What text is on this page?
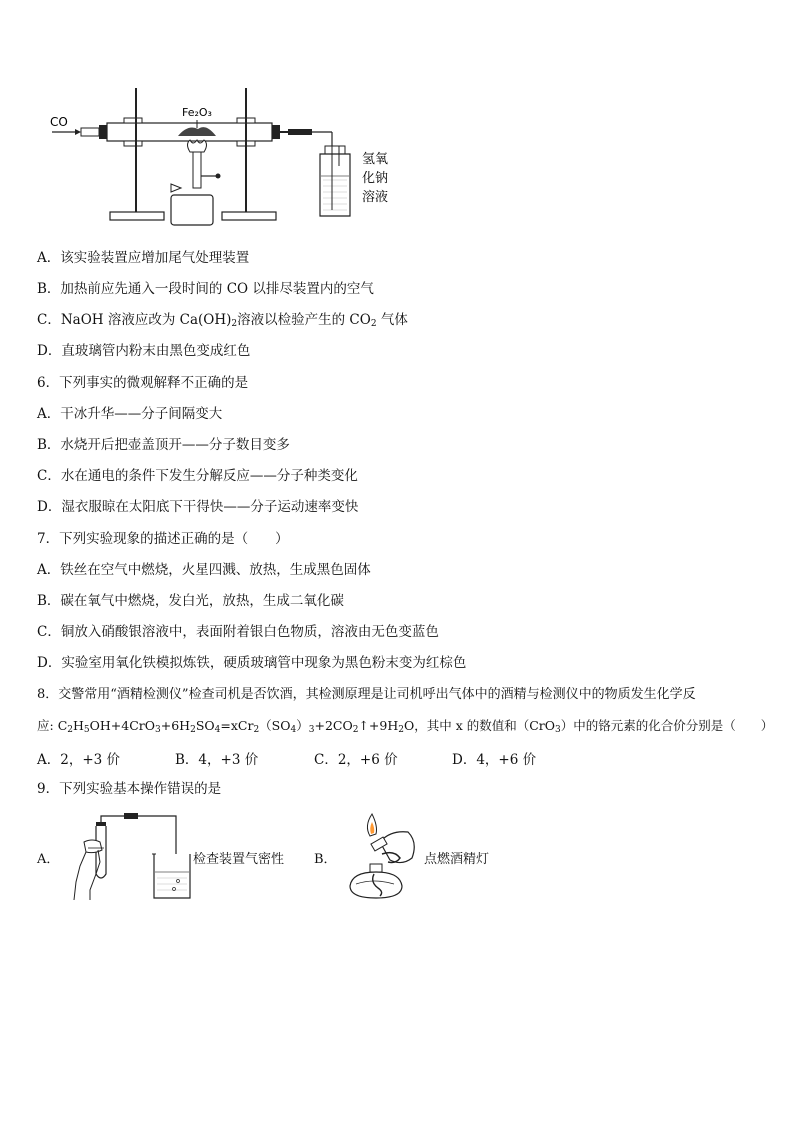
CO
Fe₂O₃
氢氧
化钠
溶液
A．该实验装置应增加尾气处理装置
B．加热前应先通入一段时间的 CO 以排尽装置内的空气
C．NaOH 溶液应改为 $Ca(OH)_2$溶液以检验产生的 $CO_2$ 气体
D．直玻璃管内粉末由黑色变成红色
6．下列事实的微观解释不正确的是
A．干冰升华——分子间隔变大
B．水烧开后把壶盖顶开——分子数目变多
C．水在通电的条件下发生分解反应——分子种类变化
D．湿衣服晾在太阳底下干得快——分子运动速率变快
7．下列实验现象的描述正确的是（　　）
A．铁丝在空气中燃烧，火星四溅、放热，生成黑色固体
B．碳在氧气中燃烧，发白光，放热，生成二氧化碳
C．铜放入硝酸银溶液中，表面附着银白色物质，溶液由无色变蓝色
D．实验室用氧化铁模拟炼铁，硬质玻璃管中现象为黑色粉末变为红棕色
8．交警常用“酒精检测仪”检查司机是否饮酒，其检测原理是让司机呼出气体中的酒精与检测仪中的物质发生化学反
应: $C_2H_5OH+4CrO_3+6H_2SO_4=xCr_2(SO_4)_3+2CO_2↑+9H_2O$，其中 x 的数值和（CrO$_3$）中的铬元素的化合价分别是（　　）
A．2，+3 价	B．4，+3 价	C．2，+6 价	D．4，+6 价
9．下列实验基本操作错误的是
A．	检查装置气密性 B．	点燃酒精灯
